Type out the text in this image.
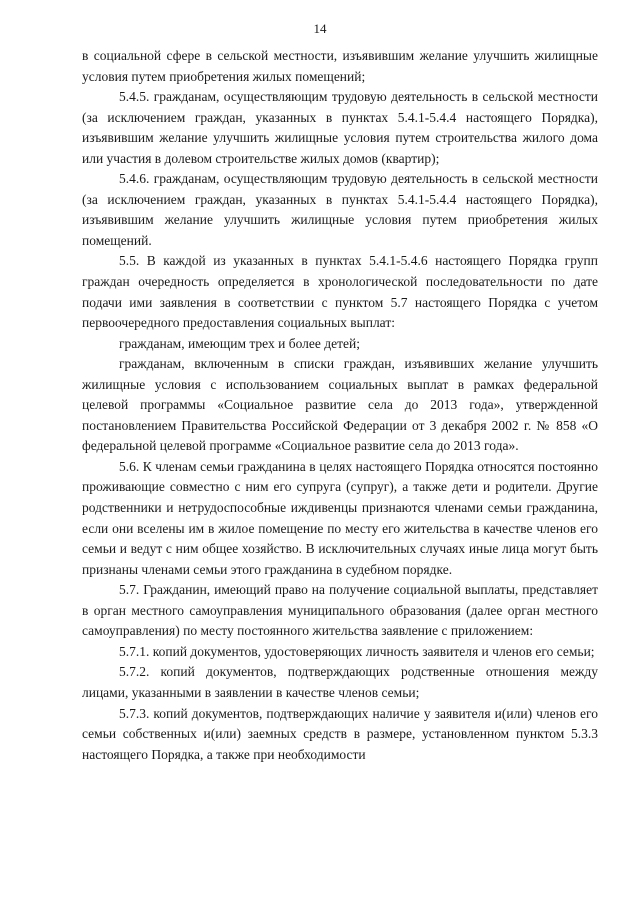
14

в социальной сфере в сельской местности, изъявившим желание улучшить жилищные условия путем приобретения жилых помещений;

5.4.5. гражданам, осуществляющим трудовую деятельность в сельской местности (за исключением граждан, указанных в пунктах 5.4.1-5.4.4 настоящего Порядка), изъявившим желание улучшить жилищные условия путем строительства жилого дома или участия в долевом строительстве жилых домов (квартир);

5.4.6. гражданам, осуществляющим трудовую деятельность в сельской местности (за исключением граждан, указанных в пунктах 5.4.1-5.4.4 настоящего Порядка), изъявившим желание улучшить жилищные условия путем приобретения жилых помещений.

5.5. В каждой из указанных в пунктах 5.4.1-5.4.6 настоящего Порядка групп граждан очередность определяется в хронологической последовательности по дате подачи ими заявления в соответствии с пунктом 5.7 настоящего Порядка с учетом первоочередного предоставления социальных выплат:

гражданам, имеющим трех и более детей;

гражданам, включенным в списки граждан, изъявивших желание улучшить жилищные условия с использованием социальных выплат в рамках федеральной целевой программы «Социальное развитие села до 2013 года», утвержденной постановлением Правительства Российской Федерации от 3 декабря 2002 г. № 858 «О федеральной целевой программе «Социальное развитие села до 2013 года».

5.6. К членам семьи гражданина в целях настоящего Порядка относятся постоянно проживающие совместно с ним его супруга (супруг), а также дети и родители. Другие родственники и нетрудоспособные иждивенцы признаются членами семьи гражданина, если они вселены им в жилое помещение по месту его жительства в качестве членов его семьи и ведут с ним общее хозяйство. В исключительных случаях иные лица могут быть признаны членами семьи этого гражданина в судебном порядке.

5.7. Гражданин, имеющий право на получение социальной выплаты, представляет в орган местного самоуправления муниципального образования (далее орган местного самоуправления) по месту постоянного жительства заявление с приложением:

5.7.1. копий документов, удостоверяющих личность заявителя и членов его семьи;

5.7.2. копий документов, подтверждающих родственные отношения между лицами, указанными в заявлении в качестве членов семьи;

5.7.3. копий документов, подтверждающих наличие у заявителя и(или) членов его семьи собственных и(или) заемных средств в размере, установленном пунктом 5.3.3 настоящего Порядка, а также при необходимости
